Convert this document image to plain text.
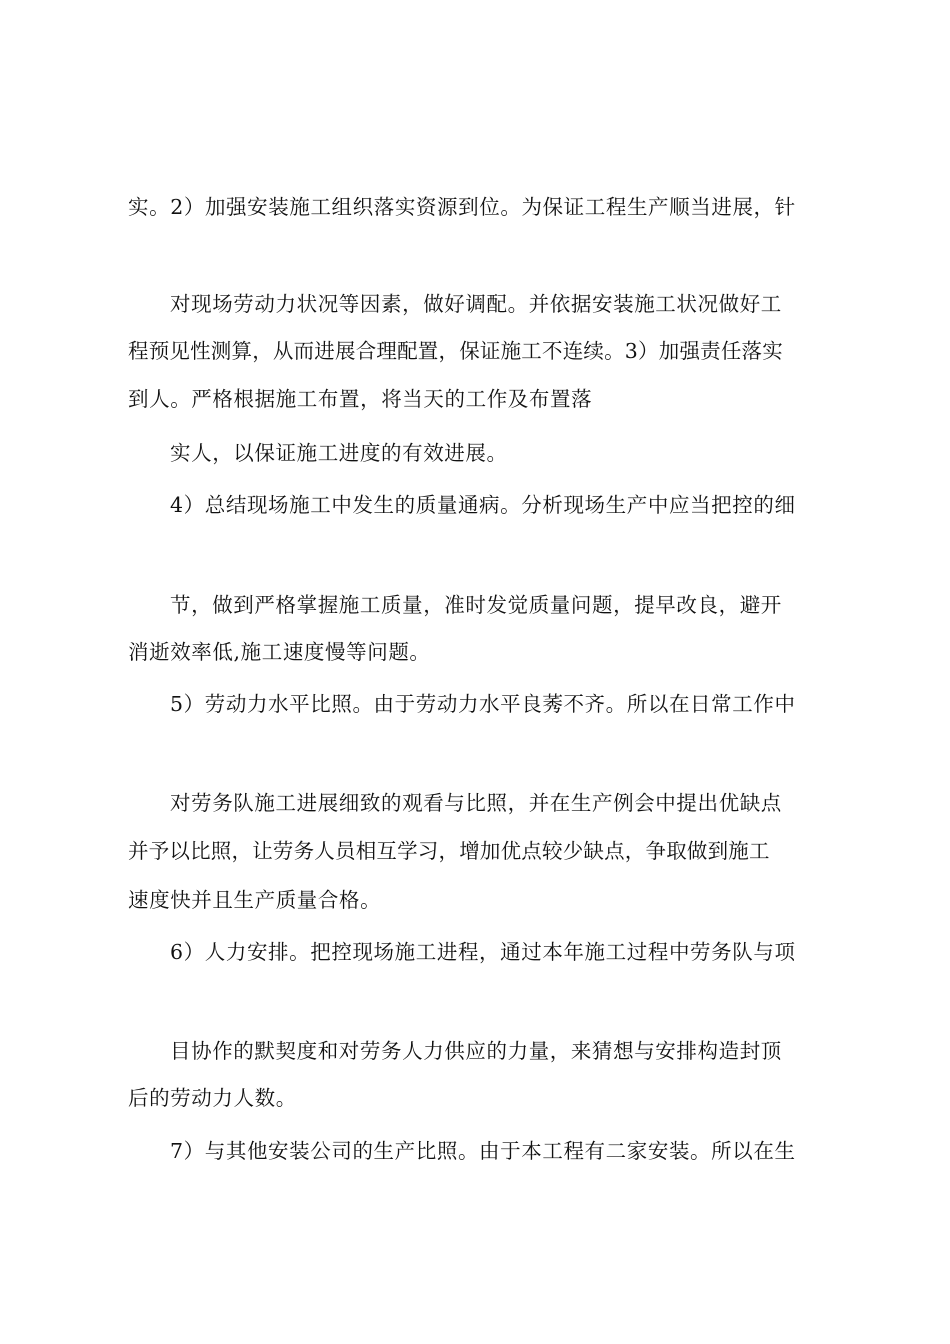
实。2）加强安装施工组织落实资源到位。为保证工程生产顺当进展，针
对现场劳动力状况等因素，做好调配。并依据安装施工状况做好工
程预见性测算，从而进展合理配置，保证施工不连续。3）加强责任落实
到人。严格根据施工布置，将当天的工作及布置落
实人，以保证施工进度的有效进展。
4）总结现场施工中发生的质量通病。分析现场生产中应当把控的细
节，做到严格掌握施工质量，准时发觉质量问题，提早改良，避开
消逝效率低,施工速度慢等问题。
5）劳动力水平比照。由于劳动力水平良莠不齐。所以在日常工作中
对劳务队施工进展细致的观看与比照，并在生产例会中提出优缺点
并予以比照，让劳务人员相互学习，增加优点较少缺点，争取做到施工
速度快并且生产质量合格。
6）人力安排。把控现场施工进程，通过本年施工过程中劳务队与项
目协作的默契度和对劳务人力供应的力量，来猜想与安排构造封顶
后的劳动力人数。
7）与其他安装公司的生产比照。由于本工程有二家安装。所以在生
